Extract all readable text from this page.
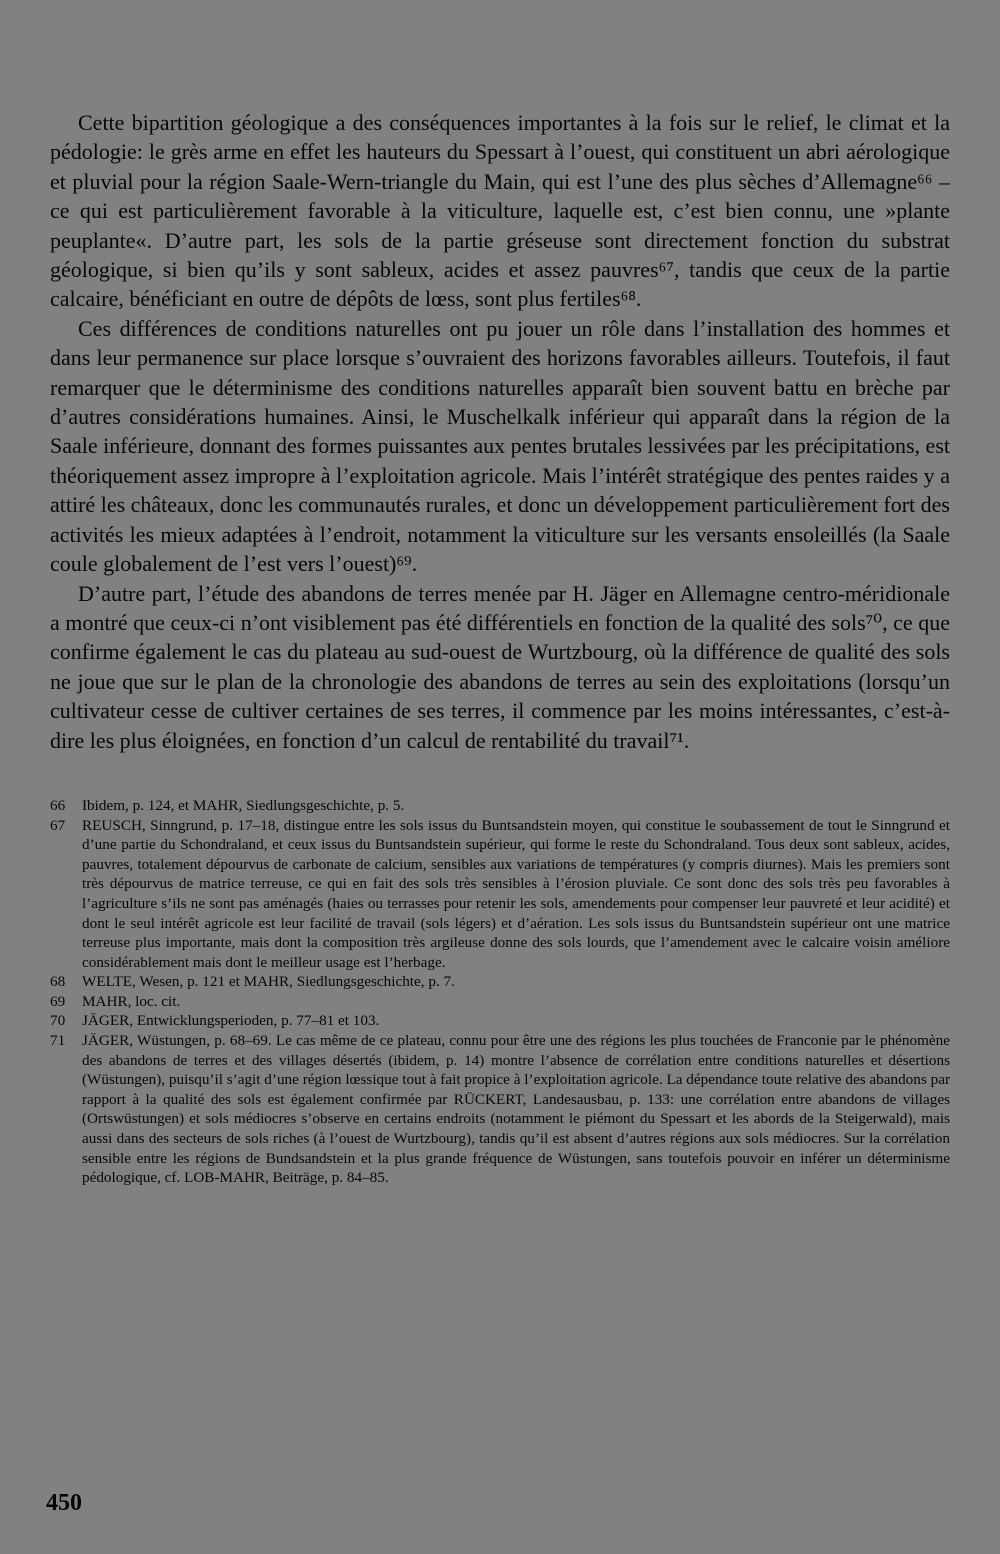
Cette bipartition géologique a des conséquences importantes à la fois sur le relief, le climat et la pédologie: le grès arme en effet les hauteurs du Spessart à l’ouest, qui constituent un abri aérologique et pluvial pour la région Saale-Wern-triangle du Main, qui est l’une des plus sèches d’Allemagne⁶⁶ – ce qui est particulièrement favorable à la viticulture, laquelle est, c’est bien connu, une »plante peuplante«. D’autre part, les sols de la partie gréseuse sont directement fonction du substrat géologique, si bien qu’ils y sont sableux, acides et assez pauvres⁶⁷, tandis que ceux de la partie calcaire, bénéficiant en outre de dépôts de lœss, sont plus fertiles⁶⁸.

Ces différences de conditions naturelles ont pu jouer un rôle dans l’installation des hommes et dans leur permanence sur place lorsque s’ouvraient des horizons favorables ailleurs. Toutefois, il faut remarquer que le déterminisme des conditions naturelles apparaît bien souvent battu en brèche par d’autres considérations humaines. Ainsi, le Muschelkalk inférieur qui apparaît dans la région de la Saale inférieure, donnant des formes puissantes aux pentes brutales lessivées par les précipitations, est théoriquement assez impropre à l’exploitation agricole. Mais l’intérêt stratégique des pentes raides y a attiré les châteaux, donc les communautés rurales, et donc un développement particulièrement fort des activités les mieux adaptées à l’endroit, notamment la viticulture sur les versants ensoleillés (la Saale coule globalement de l’est vers l’ouest)⁶⁹.

D’autre part, l’étude des abandons de terres menée par H. Jäger en Allemagne centro-méridionale a montré que ceux-ci n’ont visiblement pas été différentiels en fonction de la qualité des sols⁷⁰, ce que confirme également le cas du plateau au sud-ouest de Wurtzbourg, où la différence de qualité des sols ne joue que sur le plan de la chronologie des abandons de terres au sein des exploitations (lorsqu’un cultivateur cesse de cultiver certaines de ses terres, il commence par les moins intéressantes, c’est-à-dire les plus éloignées, en fonction d’un calcul de rentabilité du travail⁷¹.

66	Ibidem, p. 124, et MAHR, Siedlungsgeschichte, p. 5.
67	REUSCH, Sinngrund, p. 17–18, distingue entre les sols issus du Buntsandstein moyen, qui constitue le soubassement de tout le Sinngrund et d’une partie du Schondraland, et ceux issus du Buntsandstein supérieur, qui forme le reste du Schondraland. Tous deux sont sableux, acides, pauvres, totalement dépourvus de carbonate de calcium, sensibles aux variations de températures (y compris diurnes). Mais les premiers sont très dépourvus de matrice terreuse, ce qui en fait des sols très sensibles à l’érosion pluviale. Ce sont donc des sols très peu favorables à l’agriculture s’ils ne sont pas aménagés (haies ou terrasses pour retenir les sols, amendements pour compenser leur pauvreté et leur acidité) et dont le seul intérêt agricole est leur facilité de travail (sols légers) et d’aération. Les sols issus du Buntsandstein supérieur ont une matrice terreuse plus importante, mais dont la composition très argileuse donne des sols lourds, que l’amendement avec le calcaire voisin améliore considérablement mais dont le meilleur usage est l’herbage.
68	WELTE, Wesen, p. 121 et MAHR, Siedlungsgeschichte, p. 7.
69	MAHR, loc. cit.
70	JÄGER, Entwicklungsperioden, p. 77–81 et 103.
71	JÄGER, Wüstungen, p. 68–69. Le cas même de ce plateau, connu pour être une des régions les plus touchées de Franconie par le phénomène des abandons de terres et des villages désertés (ibidem, p. 14) montre l’absence de corrélation entre conditions naturelles et désertions (Wüstungen), puisqu’il s’agit d’une région lœssique tout à fait propice à l’exploitation agricole. La dépendance toute relative des abandons par rapport à la qualité des sols est également confirmée par RÜCKERT, Landesausbau, p. 133: une corrélation entre abandons de villages (Ortswüstungen) et sols médiocres s’observe en certains endroits (notamment le piémont du Spessart et les abords de la Steigerwald), mais aussi dans des secteurs de sols riches (à l’ouest de Wurtzbourg), tandis qu’il est absent d’autres régions aux sols médiocres. Sur la corrélation sensible entre les régions de Bundsandstein et la plus grande fréquence de Wüstungen, sans toutefois pouvoir en inférer un déterminisme pédologique, cf. LOB-MAHR, Beiträge, p. 84–85.
450
